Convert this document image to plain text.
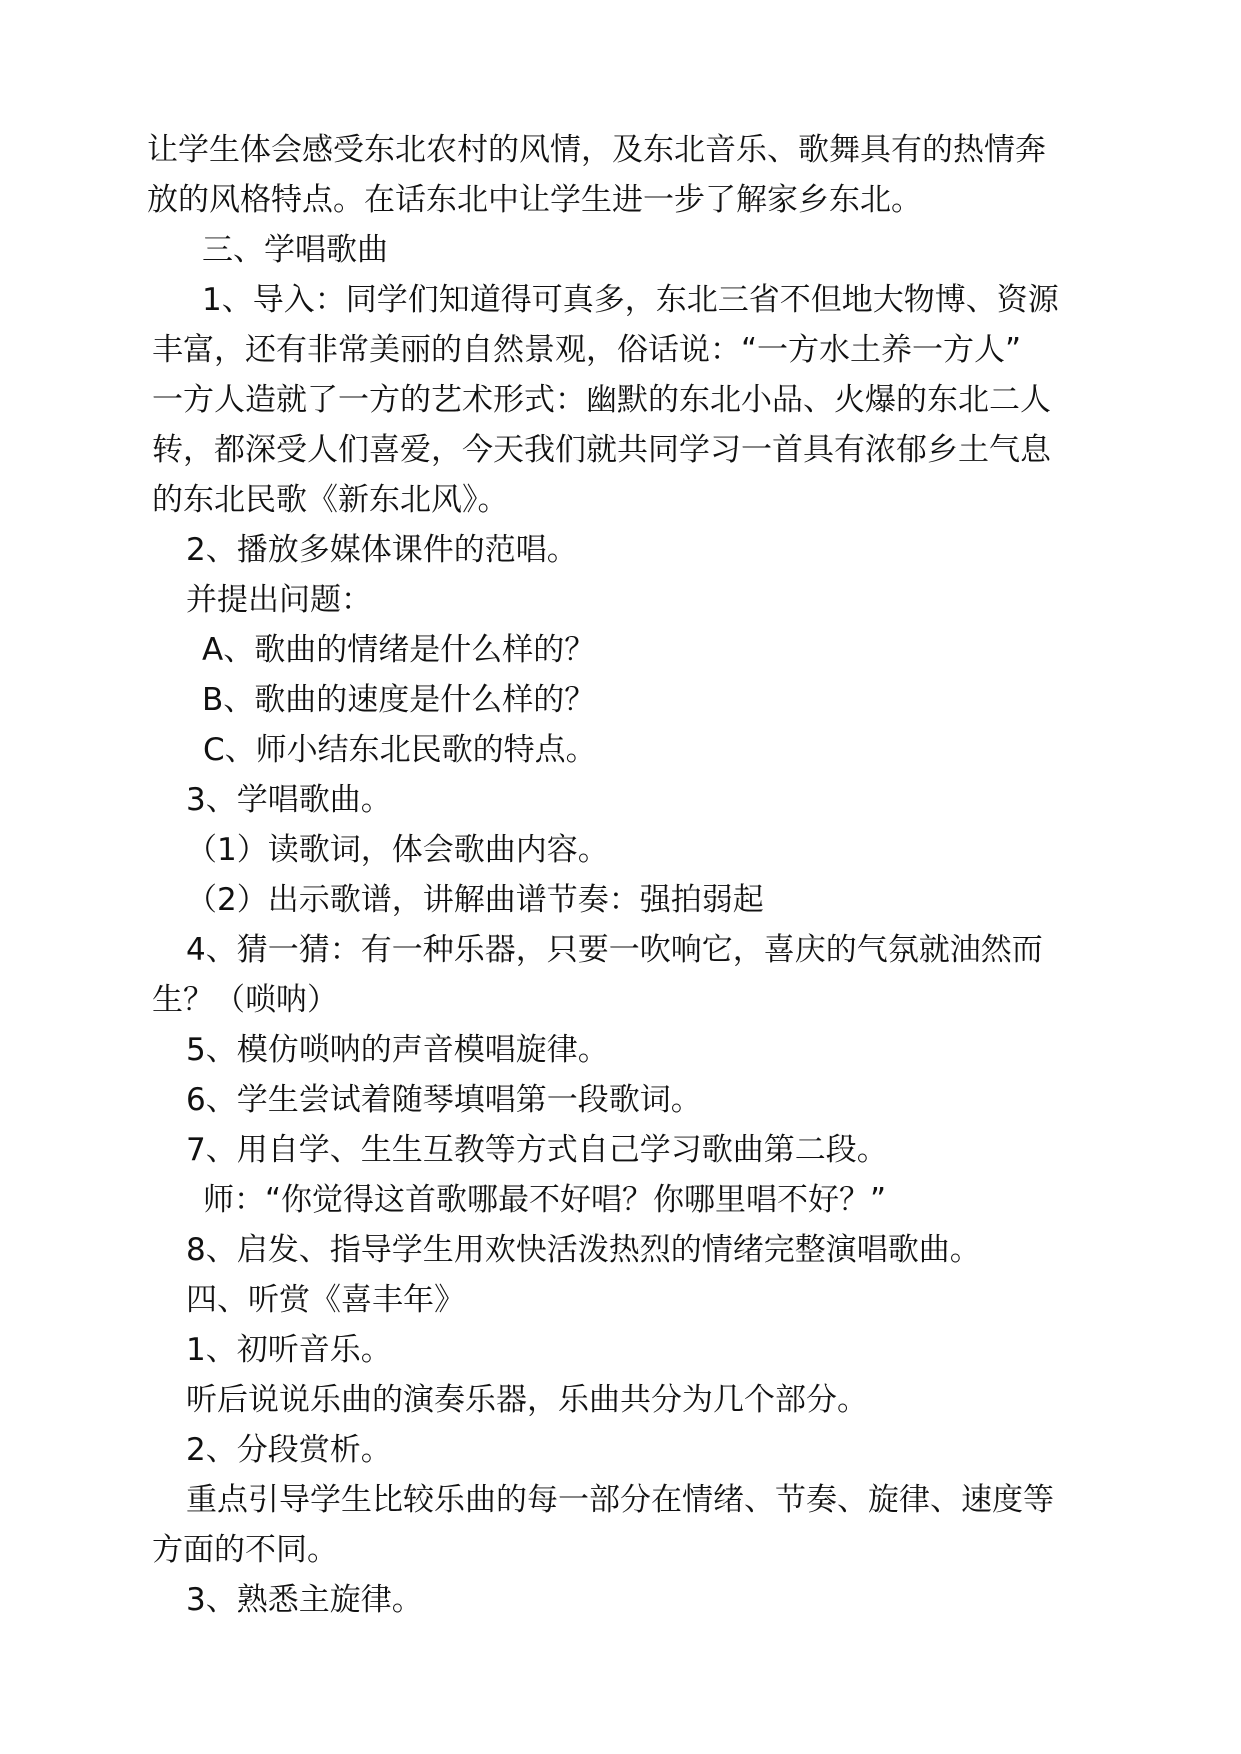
让学生体会感受东北农村的风情，及东北音乐、歌舞具有的热情奔
放的风格特点。在话东北中让学生进一步了解家乡东北。
三、学唱歌曲
1、导入：同学们知道得可真多，东北三省不但地大物博、资源
丰富，还有非常美丽的自然景观，俗话说：“一方水土养一方人”
一方人造就了一方的艺术形式：幽默的东北小品、火爆的东北二人
转，都深受人们喜爱，今天我们就共同学习一首具有浓郁乡土气息
的东北民歌《新东北风》。
2、播放多媒体课件的范唱。
并提出问题：
A、歌曲的情绪是什么样的？
B、歌曲的速度是什么样的？
C、师小结东北民歌的特点。
3、学唱歌曲。
（1）读歌词，体会歌曲内容。
（2）出示歌谱，讲解曲谱节奏：强拍弱起
4、猜一猜：有一种乐器，只要一吹响它，喜庆的气氛就油然而
生？（唢呐）
5、模仿唢呐的声音模唱旋律。
6、学生尝试着随琴填唱第一段歌词。
7、用自学、生生互教等方式自己学习歌曲第二段。
师：“你觉得这首歌哪最不好唱？你哪里唱不好？”
8、启发、指导学生用欢快活泼热烈的情绪完整演唱歌曲。
四、听赏《喜丰年》
1、初听音乐。
听后说说乐曲的演奏乐器，乐曲共分为几个部分。
2、分段赏析。
重点引导学生比较乐曲的每一部分在情绪、节奏、旋律、速度等
方面的不同。
3、熟悉主旋律。
